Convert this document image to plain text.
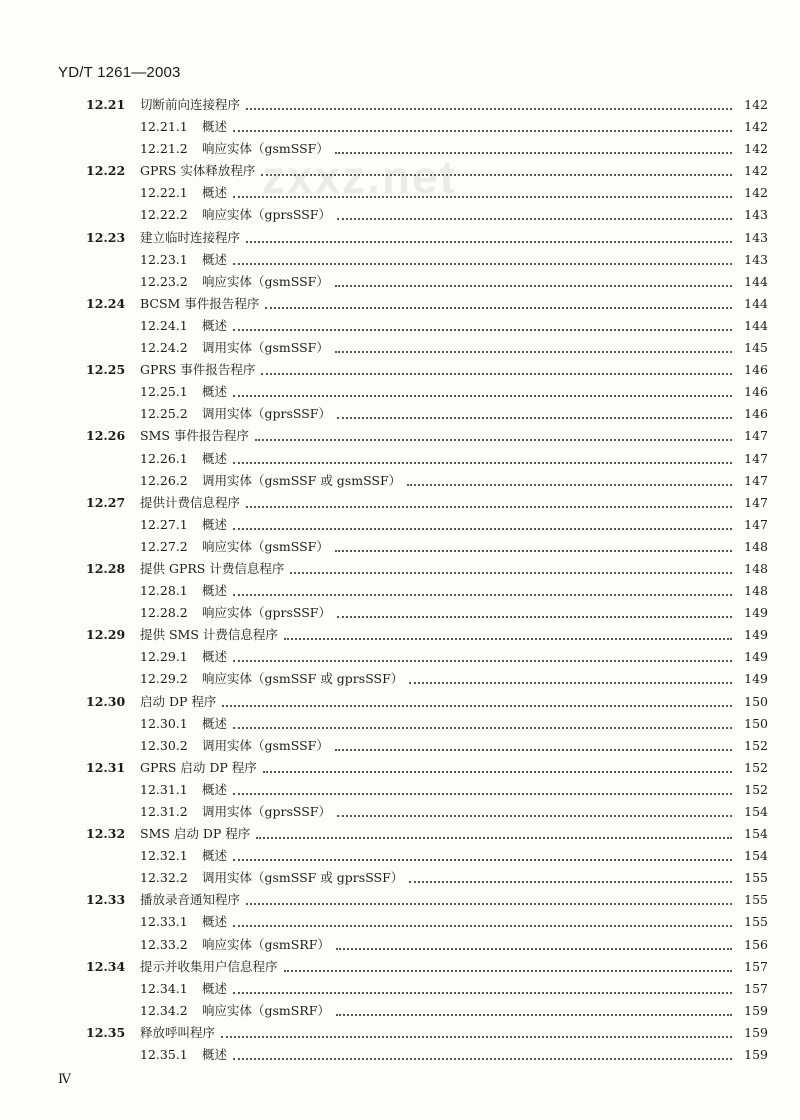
YD/T 1261—2003
zxxz.net
12.21 切断前向连接程序	142
12.21.1 概述	142
12.21.2 响应实体（gsmSSF）	142
12.22 GPRS 实体释放程序	142
12.22.1 概述	142
12.22.2 响应实体（gprsSSF）	143
12.23 建立临时连接程序	143
12.23.1 概述	143
12.23.2 响应实体（gsmSSF）	144
12.24 BCSM 事件报告程序	144
12.24.1 概述	144
12.24.2 调用实体（gsmSSF）	145
12.25 GPRS 事件报告程序	146
12.25.1 概述	146
12.25.2 调用实体（gprsSSF）	146
12.26 SMS 事件报告程序	147
12.26.1 概述	147
12.26.2 调用实体（gsmSSF 或 gsmSSF）	147
12.27 提供计费信息程序	147
12.27.1 概述	147
12.27.2 响应实体（gsmSSF）	148
12.28 提供 GPRS 计费信息程序	148
12.28.1 概述	148
12.28.2 响应实体（gprsSSF）	149
12.29 提供 SMS 计费信息程序	149
12.29.1 概述	149
12.29.2 响应实体（gsmSSF 或 gprsSSF）	149
12.30 启动 DP 程序	150
12.30.1 概述	150
12.30.2 调用实体（gsmSSF）	152
12.31 GPRS 启动 DP 程序	152
12.31.1 概述	152
12.31.2 调用实体（gprsSSF）	154
12.32 SMS 启动 DP 程序	154
12.32.1 概述	154
12.32.2 调用实体（gsmSSF 或 gprsSSF）	155
12.33 播放录音通知程序	155
12.33.1 概述	155
12.33.2 响应实体（gsmSRF）	156
12.34 提示并收集用户信息程序	157
12.34.1 概述	157
12.34.2 响应实体（gsmSRF）	159
12.35 释放呼叫程序	159
12.35.1 概述	159
Ⅳ
